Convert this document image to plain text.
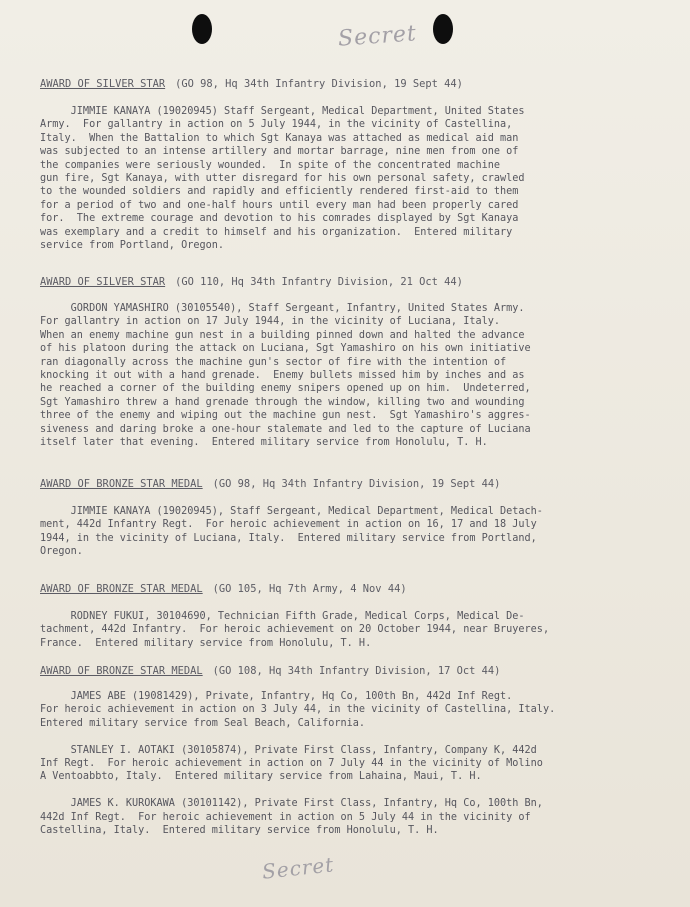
Secret
AWARD OF SILVER STAR (GO 98, Hq 34th Infantry Division, 19 Sept 44)
JIMMIE KANAYA (19020945) Staff Sergeant, Medical Department, United States
Army.  For gallantry in action on 5 July 1944, in the vicinity of Castellina,
Italy.  When the Battalion to which Sgt Kanaya was attached as medical aid man
was subjected to an intense artillery and mortar barrage, nine men from one of
the companies were seriously wounded.  In spite of the concentrated machine
gun fire, Sgt Kanaya, with utter disregard for his own personal safety, crawled
to the wounded soldiers and rapidly and efficiently rendered first-aid to them
for a period of two and one-half hours until every man had been properly cared
for.  The extreme courage and devotion to his comrades displayed by Sgt Kanaya
was exemplary and a credit to himself and his organization.  Entered military
service from Portland, Oregon.
AWARD OF SILVER STAR (GO 110, Hq 34th Infantry Division, 21 Oct 44)
GORDON YAMASHIRO (30105540), Staff Sergeant, Infantry, United States Army.
For gallantry in action on 17 July 1944, in the vicinity of Luciana, Italy.
When an enemy machine gun nest in a building pinned down and halted the advance
of his platoon during the attack on Luciana, Sgt Yamashiro on his own initiative
ran diagonally across the machine gun's sector of fire with the intention of
knocking it out with a hand grenade.  Enemy bullets missed him by inches and as
he reached a corner of the building enemy snipers opened up on him.  Undeterred,
Sgt Yamashiro threw a hand grenade through the window, killing two and wounding
three of the enemy and wiping out the machine gun nest.  Sgt Yamashiro's aggres-
siveness and daring broke a one-hour stalemate and led to the capture of Luciana
itself later that evening.  Entered military service from Honolulu, T. H.
AWARD OF BRONZE STAR MEDAL (GO 98, Hq 34th Infantry Division, 19 Sept 44)
JIMMIE KANAYA (19020945), Staff Sergeant, Medical Department, Medical Detach-
ment, 442d Infantry Regt.  For heroic achievement in action on 16, 17 and 18 July
1944, in the vicinity of Luciana, Italy.  Entered military service from Portland,
Oregon.
AWARD OF BRONZE STAR MEDAL (GO 105, Hq 7th Army, 4 Nov 44)
RODNEY FUKUI, 30104690, Technician Fifth Grade, Medical Corps, Medical De-
tachment, 442d Infantry.  For heroic achievement on 20 October 1944, near Bruyeres,
France.  Entered military service from Honolulu, T. H.
AWARD OF BRONZE STAR MEDAL (GO 108, Hq 34th Infantry Division, 17 Oct 44)
JAMES ABE (19081429), Private, Infantry, Hq Co, 100th Bn, 442d Inf Regt.
For heroic achievement in action on 3 July 44, in the vicinity of Castellina, Italy.
Entered military service from Seal Beach, California.

STANLEY I. AOTAKI (30105874), Private First Class, Infantry, Company K, 442d
Inf Regt.  For heroic achievement in action on 7 July 44 in the vicinity of Molino
A Ventoabbto, Italy.  Entered military service from Lahaina, Maui, T. H.

JAMES K. KUROKAWA (30101142), Private First Class, Infantry, Hq Co, 100th Bn,
442d Inf Regt.  For heroic achievement in action on 5 July 44 in the vicinity of
Castellina, Italy.  Entered military service from Honolulu, T. H.
Secret
